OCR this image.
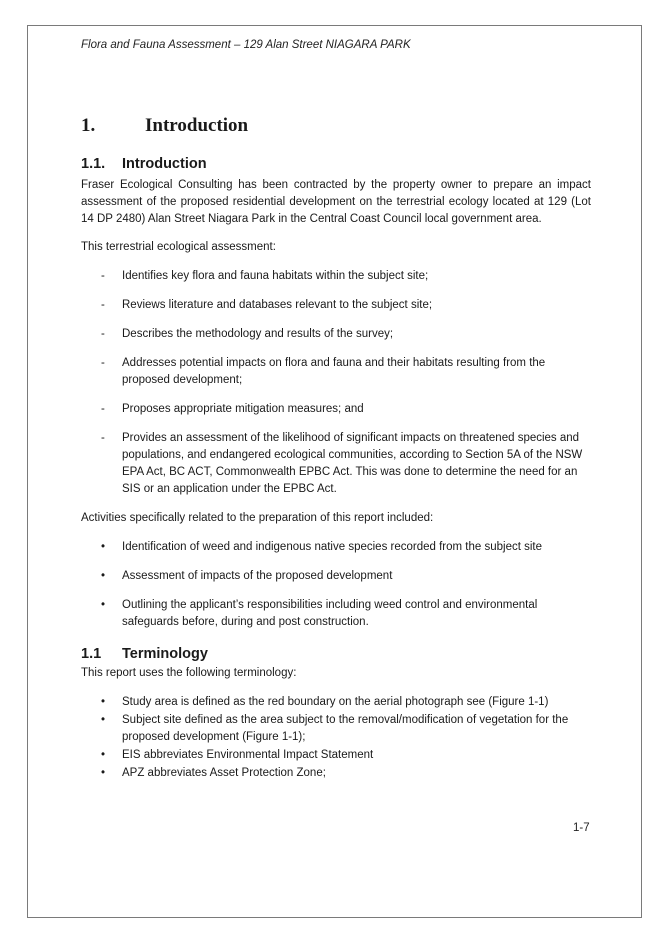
Flora and Fauna Assessment – 129 Alan Street NIAGARA PARK
1.	Introduction
1.1.	Introduction

Fraser Ecological Consulting has been contracted by the property owner to prepare an impact assessment of the proposed residential development on the terrestrial ecology located at 129 (Lot 14 DP 2480) Alan Street Niagara Park in the Central Coast Council local government area.

This terrestrial ecological assessment:

- Identifies key flora and fauna habitats within the subject site;
- Reviews literature and databases relevant to the subject site;
- Describes the methodology and results of the survey;
- Addresses potential impacts on flora and fauna and their habitats resulting from the proposed development;
- Proposes appropriate mitigation measures; and
- Provides an assessment of the likelihood of significant impacts on threatened species and populations, and endangered ecological communities, according to Section 5A of the NSW EPA Act, BC ACT, Commonwealth EPBC Act. This was done to determine the need for an SIS or an application under the EPBC Act.

Activities specifically related to the preparation of this report included:

• Identification of weed and indigenous native species recorded from the subject site
• Assessment of impacts of the proposed development
• Outlining the applicant’s responsibilities including weed control and environmental safeguards before, during and post construction.
1.1	Terminology

This report uses the following terminology:

• Study area is defined as the red boundary on the aerial photograph see (Figure 1-1)
• Subject site defined as the area subject to the removal/modification of vegetation for the proposed development (Figure 1-1);
• EIS abbreviates Environmental Impact Statement
• APZ abbreviates Asset Protection Zone;
1-7
